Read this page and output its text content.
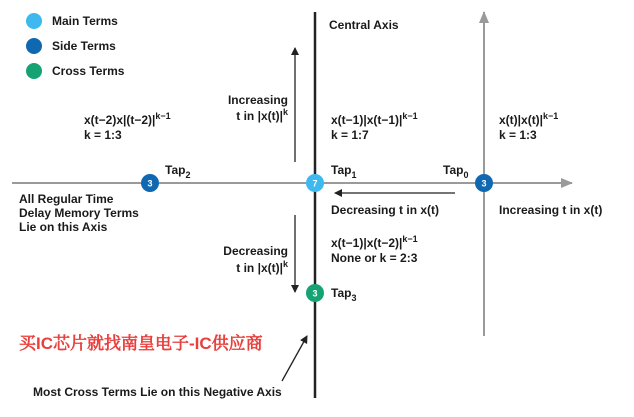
Main Terms
Side Terms
Cross Terms
Central Axis
Increasing
t in $|x(t)|^k$
Decreasing
t in $|x(t)|^k$
Decreasing t in x(t)	Increasing t in x(t)
$x(t-2)x|(t-2)|^{k-1}$
k = 1:3
$x(t-1)|x(t-1)|^{k-1}$
k = 1:7
$x(t)|x(t)|^{k-1}$
k = 1:3
$x(t-1)|x(t-2)|^{k-1}$
None or k = 2:3
3
Tap$_2$
7
Tap$_1$
3
Tap$_0$
3 Tap$_3$
All Regular Time
Delay Memory Terms
Lie on this Axis
买IC芯片就找南皇电子-IC供应商
Most Cross Terms Lie on this Negative Axis
